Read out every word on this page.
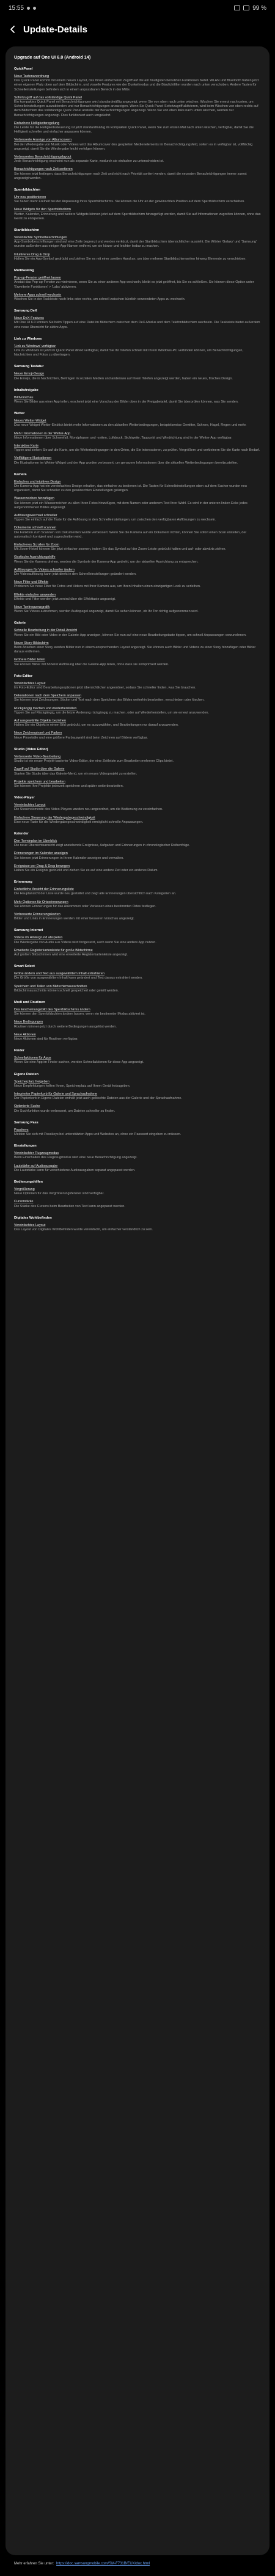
15:55	99 %
Update-Details
Upgrade auf One UI 6.0 (Android 14)
QuickPanel
Neue Tastenanordnung
Das Quick Panel kommt mit einem neuen Layout, das Ihnen einfacheren Zugriff auf die am häufigsten benutzten Funktionen bietet. WLAN und Bluetooth haben jetzt einen eigenen Platz oben auf dem Bildschirm, und visuelle Features wie der Dunkelmodus und die Blaulichtfilter wurden nach unten verschoben. Andere Tasten für Schnelleinstellungen befinden sich in einem anpassbaren Bereich in der Mitte.
Sofortzugriff auf das vollständige Quick Panel
Ein kompaktes Quick Panel mit Benachrichtigungen wird standardmäßig angezeigt, wenn Sie von oben nach unten wischen. Wischen Sie erneut nach unten, um Schnelleinstellungen auszublenden und nur Benachrichtigungen anzuzeigen. Wenn Sie Quick Panel-Sofortzugriff aktivieren, wird beim Wischen von oben rechts auf dem Bildschirm das vollständige Quick Panel anstelle der Benachrichtigungen angezeigt. Wenn Sie von oben links nach unten wischen, werden nur Benachrichtigungen angezeigt. Dies funktioniert auch umgekehrt.
Einfachere Helligkeitsregelung
Die Leiste für die Helligkeitssteuerung ist jetzt standardmäßig im kompakten Quick Panel, wenn Sie zum ersten Mal nach unten wischen, verfügbar, damit Sie die Helligkeit schneller und einfacher anpassen können.
Verbesserte Anzeige von Albumcovern
Bei der Wiedergabe von Musik oder Videos wird das Albumcover des gespielten Medienelements im Benachrichtigungsfeld, sofern es in verfügbar ist, vollflächig angezeigt, damit Sie die Wiedergabe leicht verfolgen können.
Verbessertes Benachrichtigungslayout
Jede Benachrichtigung erscheint nun als separate Karte, wodurch sie einfacher zu unterscheiden ist.
Benachrichtigungen nach Zeit sortieren
Sie können jetzt festlegen, dass Benachrichtigungen nach Zeit und nicht nach Priorität sortiert werden, damit die neuesten Benachrichtigungen immer zuerst angezeigt werden.
Sperrbildschirm
Uhr neu positionieren
Sie haben mehr Freiheit bei der Anpassung Ihres Sperrbildschirms. Sie können die Uhr an der gewünschten Position auf dem Sperrbildschirm verschieben.
Neue Widgets für den Sperrbildschirm
Wetter, Kalender, Erinnerung und weitere Widgets können jetzt auf dem Sperrbildschirm hinzugefügt werden, damit Sie auf Informationen zugreifen können, ohne das Gerät zu entsperren.
Startbildschirm
Vereinfachte Symbolbeschriftungen
App-Symbolbeschriftungen sind auf eine Zeile begrenzt und werden verkürzt, damit der Startbildschirm übersichtlicher aussieht. Die Wörter 'Galaxy' und 'Samsung' wurden außerdem aus einigen App-Namen entfernt, um sie kürzer und leichter lesbar zu machen.
Intuitiveres Drag & Drop
Halten Sie ein App-Symbol gedrückt und ziehen Sie es mit einer zweiten Hand an, um über mehrere Startbildschirmseiten hinweg Elemente zu verschieben.
Multitasking
Pop-up-Fenster geöffnet lassen
Anstatt das Pop-up-Fenster zu minimieren, wenn Sie zu einer anderen App wechseln, bleibt es jetzt geöffnet, bis Sie es schließen. Sie können diese Option unter 'Erweiterte Funktionen' > 'Labs' aktivieren.
Mehrere Apps schnell wechseln
Wischen Sie in der Taskleiste nach links oder rechts, um schnell zwischen kürzlich verwendeten Apps zu wechseln.
Samsung DeX
Neue DeX-Features
Mit One UI 6.0 können Sie beim Tippen auf eine Datei im Bildschirm zwischen dem DeX-Modus und dem Telefonbildschirm wechseln. Die Taskleiste bietet außerdem eine neue Übersicht für aktive Apps.
Link zu Windows
'Link zu Windows' verfügbar
Link zu Windows ist jetzt im Quick Panel direkt verfügbar, damit Sie Ihr Telefon schnell mit Ihrem Windows-PC verbinden können, um Benachrichtigungen, Nachrichten und Fotos zu übertragen.
Samsung Tastatur
Neuer Emoji-Design
Die Emojis, die in Nachrichten, Beiträgen in sozialen Medien und anderswo auf Ihrem Telefon angezeigt werden, haben ein neues, frisches Design.
Inhaltsfreigabe
Bildvorschau
Wenn Sie Bilder aus einer App teilen, erscheint jetzt eine Vorschau der Bilder oben in der Freigabetafel, damit Sie überprüfen können, was Sie senden.
Wetter
Neues Wetter-Widget
Das neue Widget Wetter-Einblick bietet mehr Informationen zu den aktuellen Wetterbedingungen, beispielsweise Gewitter, Schnee, Hagel, Regen und mehr.
Mehr Informationen in der Wetter-App
Neue Informationen über Schneefall, Mondphasen und -zeiten, Luftdruck, Sichtweite, Taupunkt und Windrichtung sind in der Wetter-App verfügbar.
Interaktive Karte
Tippen und ziehen Sie auf die Karte, um die Wetterbedingungen in den Orten, die Sie interessieren, zu prüfen. Vergrößern und verkleinern Sie die Karte nach Bedarf.
Vielfältigere Illustrationen
Die Illustrationen im Wetter-Widget und der App wurden verbessert, um genauere Informationen über die aktuellen Wetterbedingungen bereitzustellen.
Kamera
Einfaches und intuitives Design
Die Kamera-App hat ein vereinfachtes Design erhalten, das einfacher zu bedienen ist. Die Tasten für Schnelleinstellungen oben auf dem Sucher wurden neu organisiert, damit Sie schneller zu den gewünschten Einstellungen gelangen.
Wasserzeichen hinzufügen
Sie können jetzt ein Wasserzeichen zu allen Ihren Fotos hinzufügen, mit dem Namen oder anderem Text Ihrer Wahl. Es wird in der unteren linken Ecke jedes aufgenommenen Bildes angezeigt.
Auflösungswechsel schneller
Tippen Sie einfach auf die Taste für die Auflösung in den Schnelleinstellungen, um zwischen den verfügbaren Auflösungen zu wechseln.
Dokumente schnell scannen
Die Funktion zum Scannen von Dokumenten wurde verbessert. Wenn Sie die Kamera auf ein Dokument richten, können Sie sofort einen Scan erstellen, der automatisch korrigiert und zugeschnitten wird.
Einfacheres Scrollen für Zoom
Mit Zoom-Hebel können Sie jetzt einfacher zoomen, indem Sie das Symbol auf der Zoom-Leiste gedrückt halten und auf- oder abwärts ziehen.
Gestische Ausrichtungshilfe
Wenn Sie die Kamera drehen, werden die Symbole der Kamera-App gedreht, um der aktuellen Ausrichtung zu entsprechen.
Auflösungen für Videos schneller ändern
Die Videoauflösung kann jetzt direkt in den Schnelleinstellungen geändert werden.
Neue Filter und Effekte
Probieren Sie neue Filter für Fotos und Videos mit Ihrer Kamera aus, um Ihren Inhalten einen einzigartigen Look zu verleihen.
Effekte einfacher anwenden
Effekte und Filter werden jetzt zentral über die Effekttaste angezeigt.
Neue Tonfrequenzgrafik
Wenn Sie Videos aufnehmen, werden Audiopegel angezeigt, damit Sie sehen können, ob Ihr Ton richtig aufgenommen wird.
Galerie
Schnelle Bearbeitung in der Detail-Ansicht
Wenn Sie ein Bild oder Video in der Galerie-App anzeigen, können Sie nun auf eine neue Bearbeitungstaste tippen, um schnell Anpassungen vorzunehmen.
Neuer Story-Bildschirm
Beim Ansehen einer Story werden Bilder nun in einem ansprechenden Layout angezeigt. Sie können auch Bilder und Videos zu einer Story hinzufügen oder Bilder daraus entfernen.
Größere Bilder teilen
Sie können Bilder mit höherer Auflösung über die Galerie-App teilen, ohne dass sie komprimiert werden.
Foto-Editor
Vereinfachtes Layout
Im Foto-Editor sind Bearbeitungsoptionen jetzt übersichtlicher angeordnet, sodass Sie schneller finden, was Sie brauchen.
Dekorationen nach dem Speichern anpassen
Sie können jetzt Zeichnungen, Sticker und Text nach dem Speichern des Bildes weiterhin bearbeiten, verschieben oder löschen.
Rückgängig machen und wiederherstellen
Tippen Sie auf Rückgängig, um die letzte Änderung rückgängig zu machen, oder auf Wiederherstellen, um sie erneut anzuwenden.
Auf ausgewählte Objekte beziehen
Halten Sie ein Objekt in einem Bild gedrückt, um es auszuwählen, und Bearbeitungen nur darauf anzuwenden.
Neue Zeichenpinsel und Farben
Neue Pinselstile und eine größere Farbauswahl sind beim Zeichnen auf Bildern verfügbar.
Studio (Video Editor)
Verbesserte Video-Bearbeitung
Studio ist ein neuer Projekt-basierter Video-Editor, der eine Zeitleiste zum Bearbeiten mehrerer Clips bietet.
Zugriff auf Studio über die Galerie
Starten Sie Studio über das Galerie-Menü, um ein neues Videoprojekt zu erstellen.
Projekte speichern und bearbeiten
Sie können Ihre Projekte jederzeit speichern und später weiterbearbeiten.
Video-Player
Vereinfachtes Layout
Die Steuerelemente des Video-Players wurden neu angeordnet, um die Bedienung zu vereinfachen.
Einfachere Steuerung der Wiedergabegeschwindigkeit
Eine neue Taste für die Wiedergabegeschwindigkeit ermöglicht schnelle Anpassungen.
Kalender
Den Terminplan im Überblick
Die neue Übersichtsansicht zeigt anstehende Ereignisse, Aufgaben und Erinnerungen in chronologischer Reihenfolge.
Erinnerungen im Kalender anzeigen
Sie können jetzt Erinnerungen in Ihrem Kalender anzeigen und verwalten.
Ereignisse per Drag & Drop bewegen
Halten Sie ein Ereignis gedrückt und ziehen Sie es auf eine andere Zeit oder ein anderes Datum.
Erinnerung
Einheitliche Ansicht der Erinnerungsliste
Die Hauptansicht der Liste wurde neu gestaltet und zeigt alle Erinnerungen übersichtlich nach Kategorien an.
Mehr Optionen für Ortserinnerungen
Sie können Erinnerungen für das Ankommen oder Verlassen eines bestimmten Ortes festlegen.
Verbesserte Erinnerungskarten
Bilder und Links in Erinnerungen werden mit einer besseren Vorschau angezeigt.
Samsung Internet
Videos im Hintergrund abspielen
Die Wiedergabe von Audio aus Videos wird fortgesetzt, auch wenn Sie eine andere App nutzen.
Erweiterte Registerkartenleiste für große Bildschirme
Auf großen Bildschirmen wird eine erweiterte Registerkartenleiste angezeigt.
Smart Select
Größe ändern und Text aus ausgewähltem Inhalt extrahieren
Die Größe von ausgewähltem Inhalt kann geändert und Text daraus extrahiert werden.
Speichern und Teilen von Bildschirmausschnitten
Bildschirmausschnitte können schnell gespeichert oder geteilt werden.
Modi und Routinen
Das Erscheinungsbild des Sperrbildschirms ändern
Sie können den Sperrbildschirm ändern lassen, wenn ein bestimmter Modus aktiviert ist.
Neue Bedingungen
Routinen können jetzt durch weitere Bedingungen ausgelöst werden.
Neue Aktionen
Neue Aktionen sind für Routinen verfügbar.
Finder
Schnellaktionen für Apps
Wenn Sie eine App im Finder suchen, werden Schnellaktionen für diese App angezeigt.
Eigene Dateien
Speicherplatz freigeben
Neue Empfehlungen helfen Ihnen, Speicherplatz auf Ihrem Gerät freizugeben.
Integrierter Papierkorb für Galerie und Sprachaufnahme
Der Papierkorb in Eigene Dateien enthält jetzt auch gelöschte Dateien aus der Galerie und der Sprachaufnahme.
Optimierte Suche
Die Suchfunktion wurde verbessert, um Dateien schneller zu finden.
Samsung Pass
Passkeys
Melden Sie sich mit Passkeys bei unterstützten Apps und Websites an, ohne ein Passwort eingeben zu müssen.
Einstellungen
Vereinfachter Flugzeugmodus
Beim Einschalten des Flugzeugmodus wird eine neue Benachrichtigung angezeigt.
Lautstärke auf Audioausgabe
Die Lautstärke kann für verschiedene Audioausgaben separat angepasst werden.
Bedienungshilfen
Vergrößerung
Neue Optionen für das Vergrößerungsfenster sind verfügbar.
Cursorstärke
Die Stärke des Cursors beim Bearbeiten von Text kann angepasst werden.
Digitales Wohlbefinden
Vereinfachtes Layout
Das Layout von Digitales Wohlbefinden wurde vereinfacht, um einfacher verständlich zu sein.
Mehr erfahren Sie unter: https://doc.samsungmobile.com/SM-F731B/EUX/doc.html
